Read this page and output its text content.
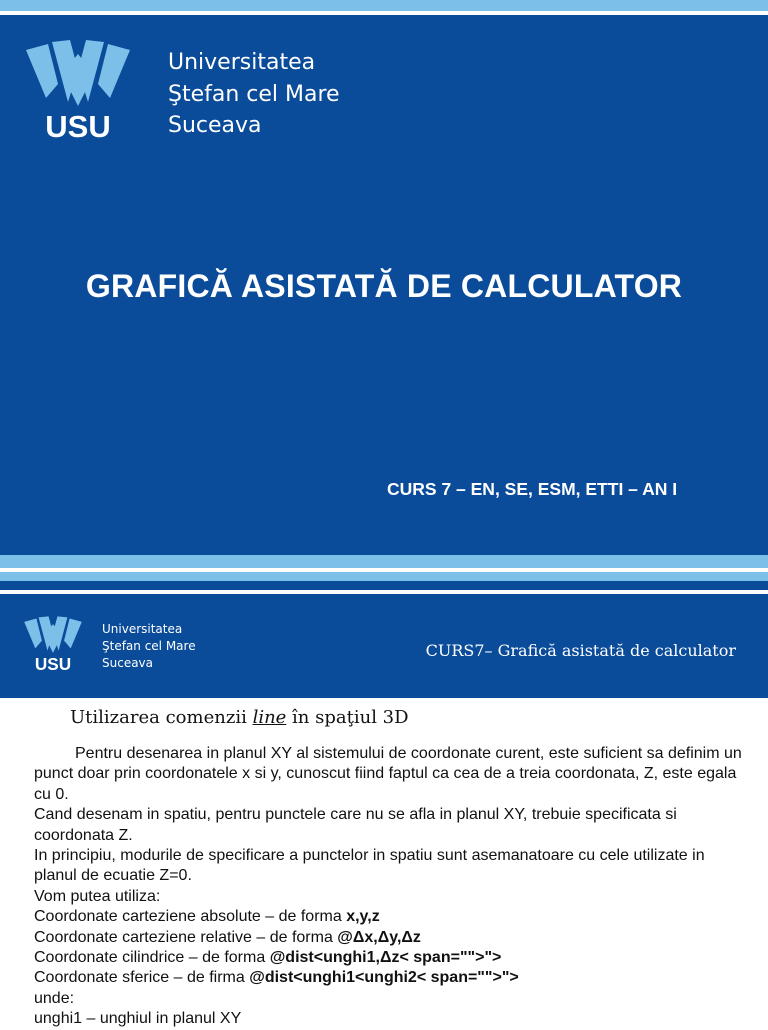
USU
Universitatea
Ştefan cel Mare
Suceava
GRAFICĂ ASISTATĂ DE CALCULATOR
CURS 7 – EN, SE, ESM, ETTI – AN I
USU
Universitatea
Ştefan cel Mare
Suceava
CURS7– Grafică asistată de calculator
Utilizarea comenzii line în spaţiul 3D

Pentru desenarea in planul XY al sistemului de coordonate curent, este suficient sa definim un punct doar prin coordonatele x si y, cunoscut fiind faptul ca cea de a treia coordonata, Z, este egala cu 0.

Cand desenam in spatiu, pentru punctele care nu se afla in planul XY, trebuie specificata si coordonata Z.

In principiu, modurile de specificare a punctelor in spatiu sunt asemanatoare cu cele utilizate in planul de ecuatie Z=0.

Vom putea utiliza:

Coordonate carteziene absolute – de forma x,y,z

Coordonate carteziene relative – de forma @Δx,Δy,Δz

Coordonate cilindrice – de forma @dist<unghi1,Δz< span="">">

Coordonate sferice – de firma @dist<unghi1<unghi2< span="">">

unde:

unghi1 – unghiul in planul XY
